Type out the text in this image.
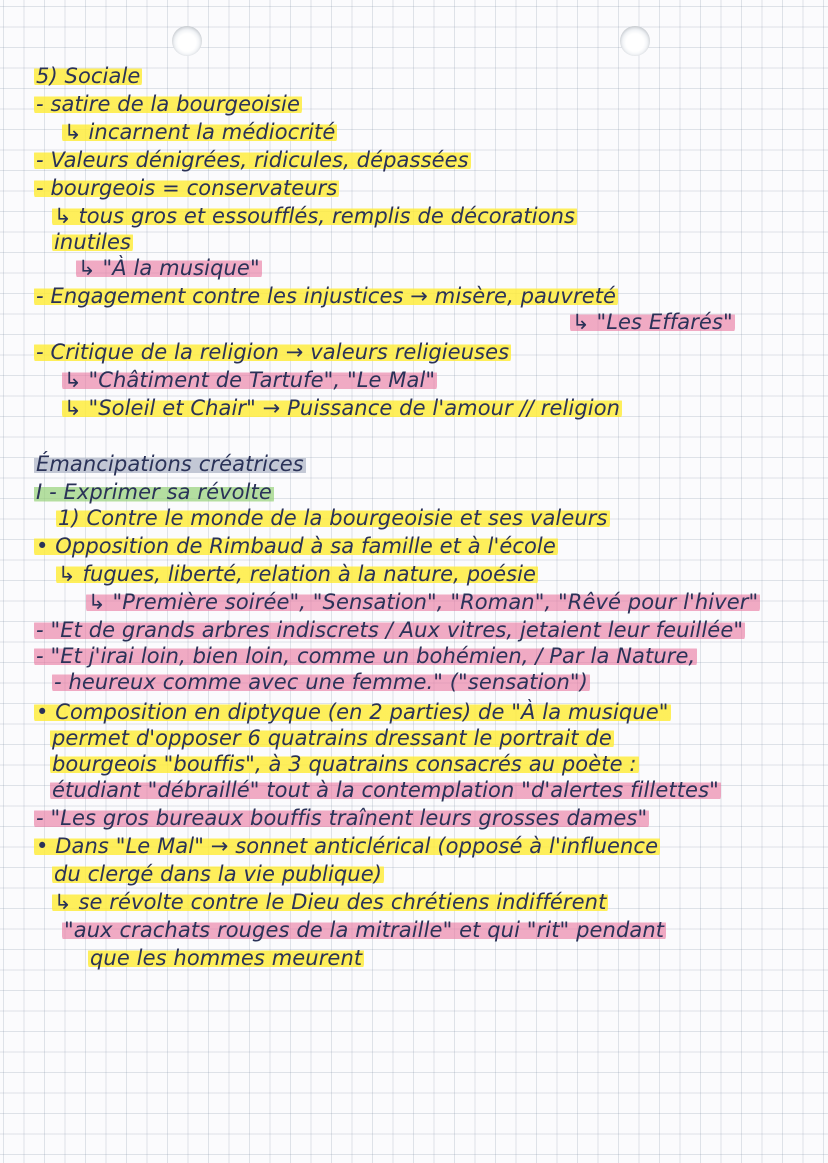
5) Sociale
- satire de la bourgeoisie
↳ incarnent la médiocrité
- Valeurs dénigrées, ridicules, dépassées
- bourgeois = conservateurs
↳ tous gros et essoufflés, remplis de décorations
inutiles
↳ "À la musique"
- Engagement contre les injustices → misère, pauvreté
↳ "Les Effarés"
- Critique de la religion → valeurs religieuses
↳ "Châtiment de Tartufe", "Le Mal"
↳ "Soleil et Chair" → Puissance de l'amour // religion
Émancipations créatrices
I - Exprimer sa révolte
1) Contre le monde de la bourgeoisie et ses valeurs
• Opposition de Rimbaud à sa famille et à l'école
↳ fugues, liberté, relation à la nature, poésie
↳ "Première soirée", "Sensation", "Roman", "Rêvé pour l'hiver"
- "Et de grands arbres indiscrets / Aux vitres, jetaient leur feuillée"
- "Et j'irai loin, bien loin, comme un bohémien, / Par la Nature,
- heureux comme avec une femme." ("sensation")
• Composition en diptyque (en 2 parties) de "À la musique"
permet d'opposer 6 quatrains dressant le portrait de
bourgeois "bouffis", à 3 quatrains consacrés au poète :
étudiant "débraillé" tout à la contemplation "d'alertes fillettes"
- "Les gros bureaux bouffis traînent leurs grosses dames"
• Dans "Le Mal" → sonnet anticlérical (opposé à l'influence
du clergé dans la vie publique)
↳ se révolte contre le Dieu des chrétiens indifférent
"aux crachats rouges de la mitraille" et qui "rit" pendant
que les hommes meurent
